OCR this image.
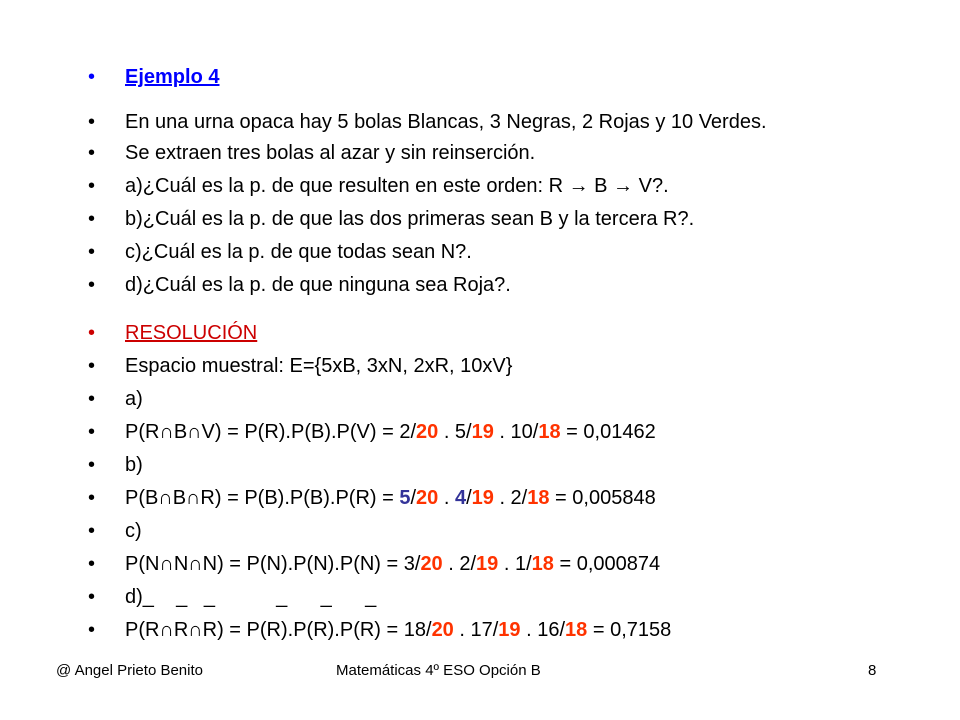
• Ejemplo 4
• En una urna opaca hay 5 bolas Blancas, 3 Negras, 2 Rojas y 10 Verdes.
• Se extraen tres bolas al azar y sin reinserción.
• a)¿Cuál es la p. de que resulten en este orden: R → B → V?.
• b)¿Cuál es la p. de que las dos primeras sean B y la tercera R?.
• c)¿Cuál es la p. de que todas sean N?.
• d)¿Cuál es la p. de que ninguna sea Roja?.
• RESOLUCIÓN
• Espacio muestral: E={5xB, 3xN, 2xR, 10xV}
• a)
• P(R∩B∩V) = P(R).P(B).P(V) = 2/20 . 5/19 . 10/18 = 0,01462
• b)
• P(B∩B∩R) = P(B).P(B).P(R) = 5/20 . 4/19 . 2/18 = 0,005848
• c)
• P(N∩N∩N) = P(N).P(N).P(N) = 3/20 . 2/19 . 1/18 = 0,000874
• d)_    _   _           _      _      _
• P(R∩R∩R) = P(R).P(R).P(R) = 18/20 . 17/19 . 16/18 = 0,7158
@ Angel Prieto Benito	Matemáticas 4º ESO Opción B	8
